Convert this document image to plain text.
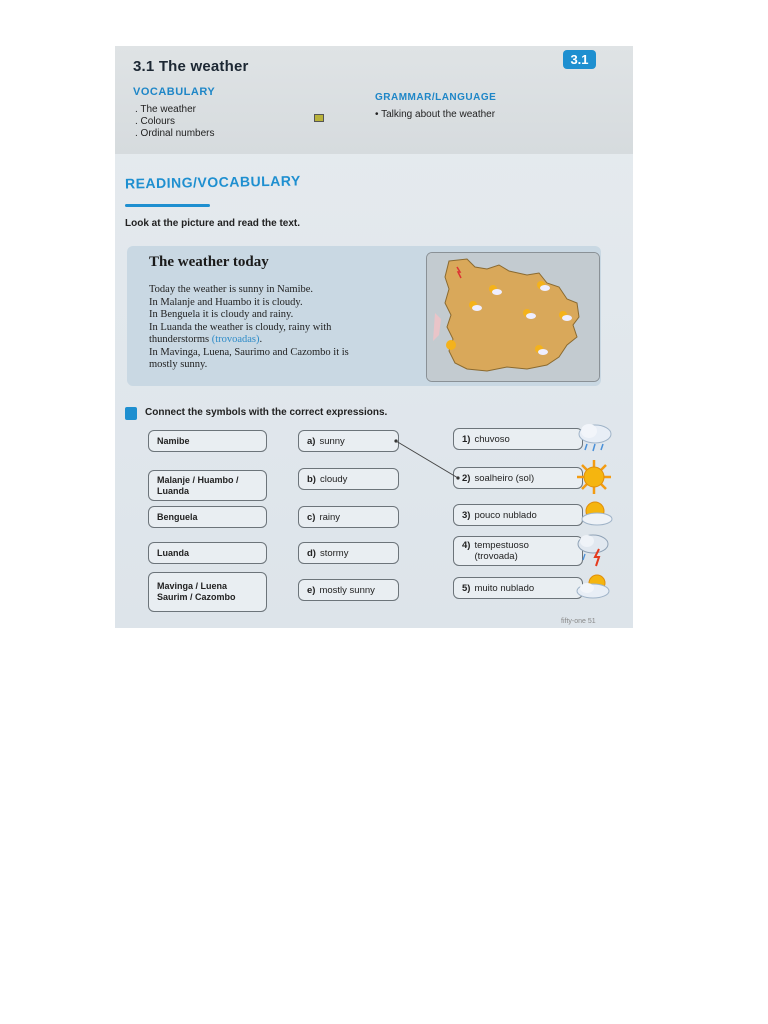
3.1 The weather	3.1
VOCABULARY
. The weather
. Colours
. Ordinal numbers
GRAMMAR/LANGUAGE
• Talking about the weather
READING/VOCABULARY
Look at the picture and read the text.
The weather today
Today the weather is sunny in Namibe.
In Malanje and Huambo it is cloudy.
In Benguela it is cloudy and rainy.
In Luanda the weather is cloudy, rainy with
thunderstorms (trovoadas).
In Mavinga, Luena, Saurimo and Cazombo it is
mostly sunny.
Connect the symbols with the correct expressions.
Namibe
Malanje / Huambo / Luanda
Benguela
Luanda
Mavinga / Luena Saurim / Cazombo
a) sunny
b) cloudy
c) rainy
d) stormy
e) mostly sunny
1) chuvoso
2) soalheiro (sol)
3) pouco nublado
4) tempestuoso (trovoada)
5) muito nublado
fifty-one 51
